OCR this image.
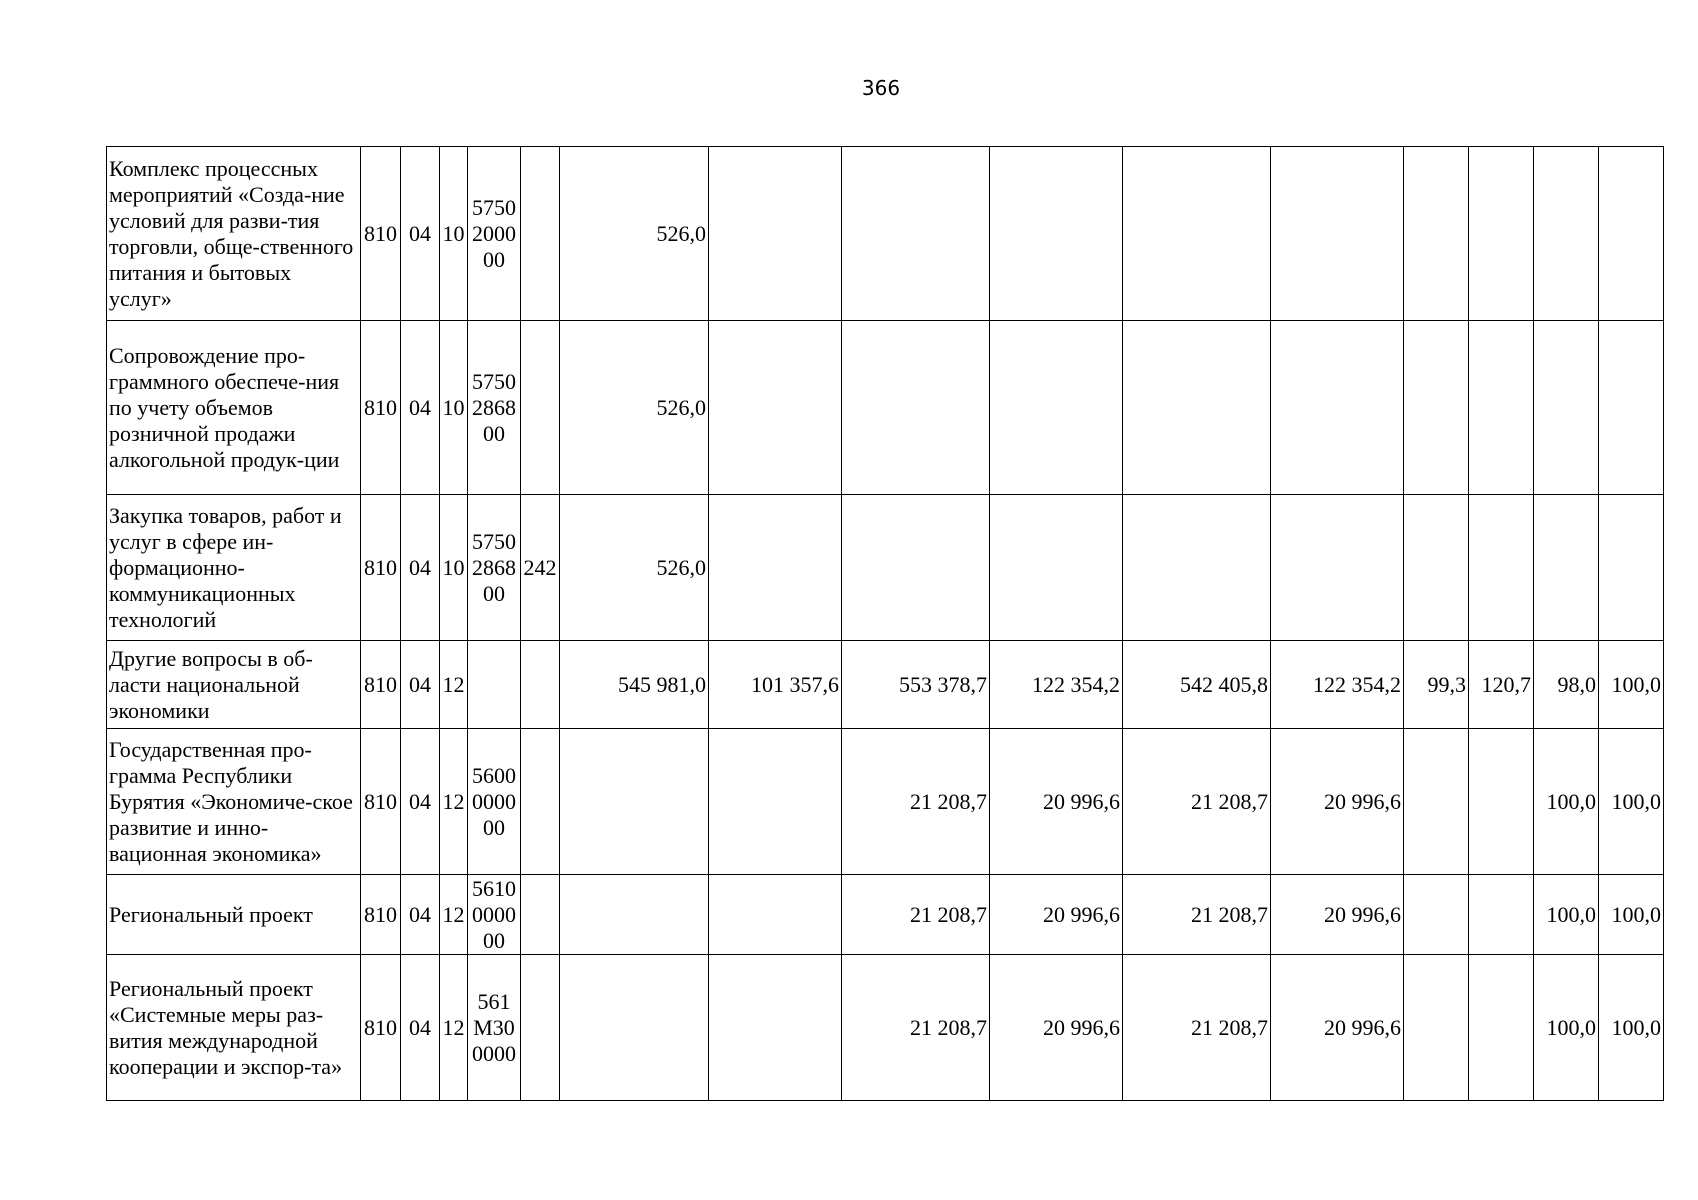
366
Комплекс процессных мероприятий «Созда-ние условий для разви-тия торговли, обще-ственного питания и бытовых услуг»	810	04	10	5750 2000 00		526,0									
Сопровождение про-граммного обеспече-ния по учету объемов розничной продажи алкогольной продук-ции	810	04	10	5750 2868 00		526,0									
Закупка товаров, работ и услуг в сфере ин-формационно-коммуникационных технологий	810	04	10	5750 2868 00	242	526,0									
Другие вопросы в об-ласти национальной экономики	810	04	12			545 981,0	101 357,6	553 378,7	122 354,2	542 405,8	122 354,2	99,3	120,7	98,0	100,0
Государственная про-грамма Республики Бурятия «Экономиче-ское развитие и инно-вационная экономика»	810	04	12	5600 0000 00				21 208,7	20 996,6	21 208,7	20 996,6			100,0	100,0
Региональный проект	810	04	12	5610 0000 00				21 208,7	20 996,6	21 208,7	20 996,6			100,0	100,0
Региональный проект «Системные меры раз-вития международной кооперации и экспор-та»	810	04	12	561 М30 0000				21 208,7	20 996,6	21 208,7	20 996,6			100,0	100,0
